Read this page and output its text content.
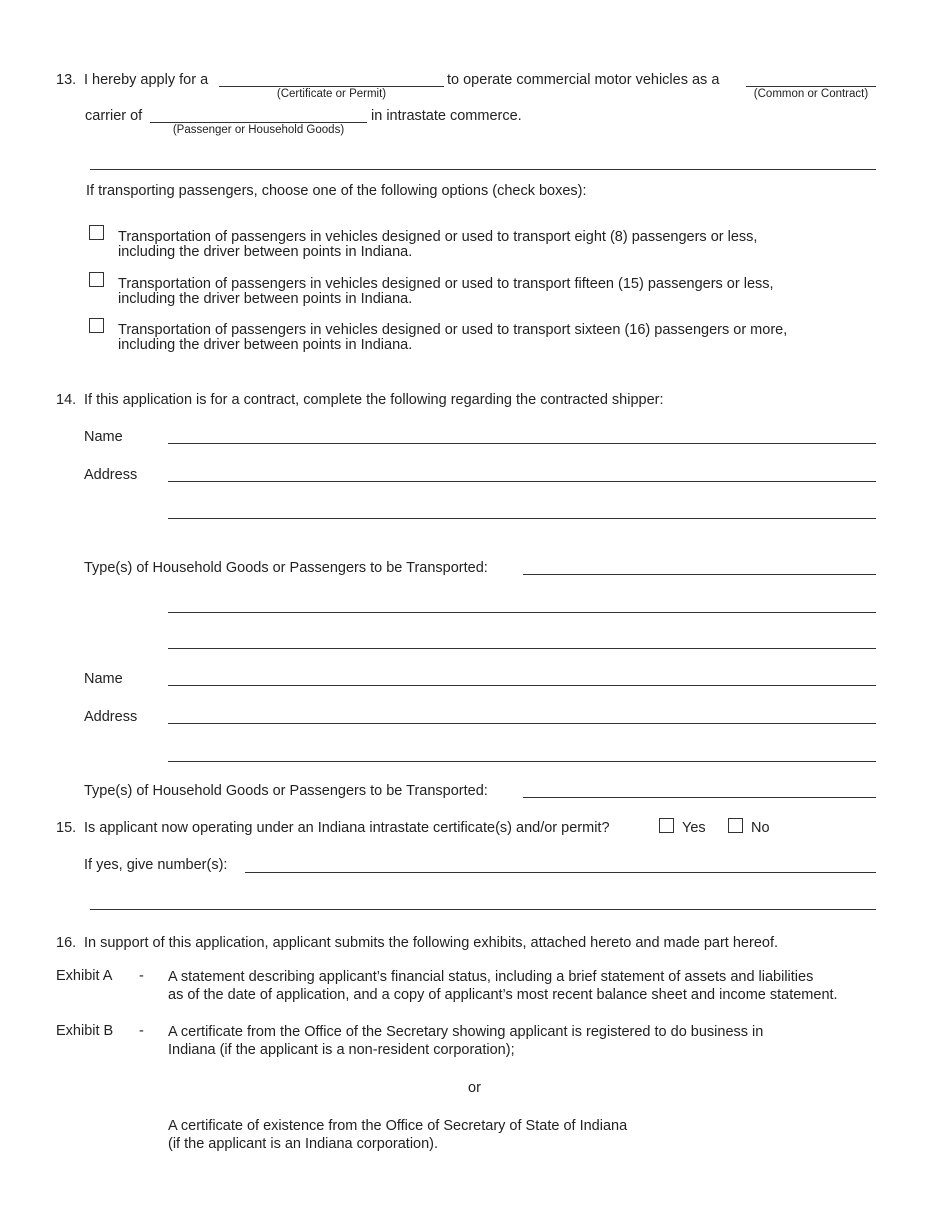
13. I hereby apply for a
(Certificate or Permit)
to operate commercial motor vehicles as a
(Common or Contract)
carrier of
(Passenger or Household Goods)
in intrastate commerce.
If transporting passengers, choose one of the following options (check boxes):
Transportation of passengers in vehicles designed or used to transport eight (8) passengers or less,
including the driver between points in Indiana.
Transportation of passengers in vehicles designed or used to transport fifteen (15) passengers or less,
including the driver between points in Indiana.
Transportation of passengers in vehicles designed or used to transport sixteen (16) passengers or more,
including the driver between points in Indiana.
14. If this application is for a contract, complete the following regarding the contracted shipper:
Name
Address
Type(s) of Household Goods or Passengers to be Transported:
Name
Address
Type(s) of Household Goods or Passengers to be Transported:
15. Is applicant now operating under an Indiana intrastate certificate(s) and/or permit?	Yes	No
If yes, give number(s):
16. In support of this application, applicant submits the following exhibits, attached hereto and made part hereof.
Exhibit A - A statement describing applicant’s financial status, including a brief statement of assets and liabilities
as of the date of application, and a copy of applicant’s most recent balance sheet and income statement.
Exhibit B - A certificate from the Office of the Secretary showing applicant is registered to do business in
Indiana (if the applicant is a non-resident corporation);
or
A certificate of existence from the Office of Secretary of State of Indiana
(if the applicant is an Indiana corporation).
